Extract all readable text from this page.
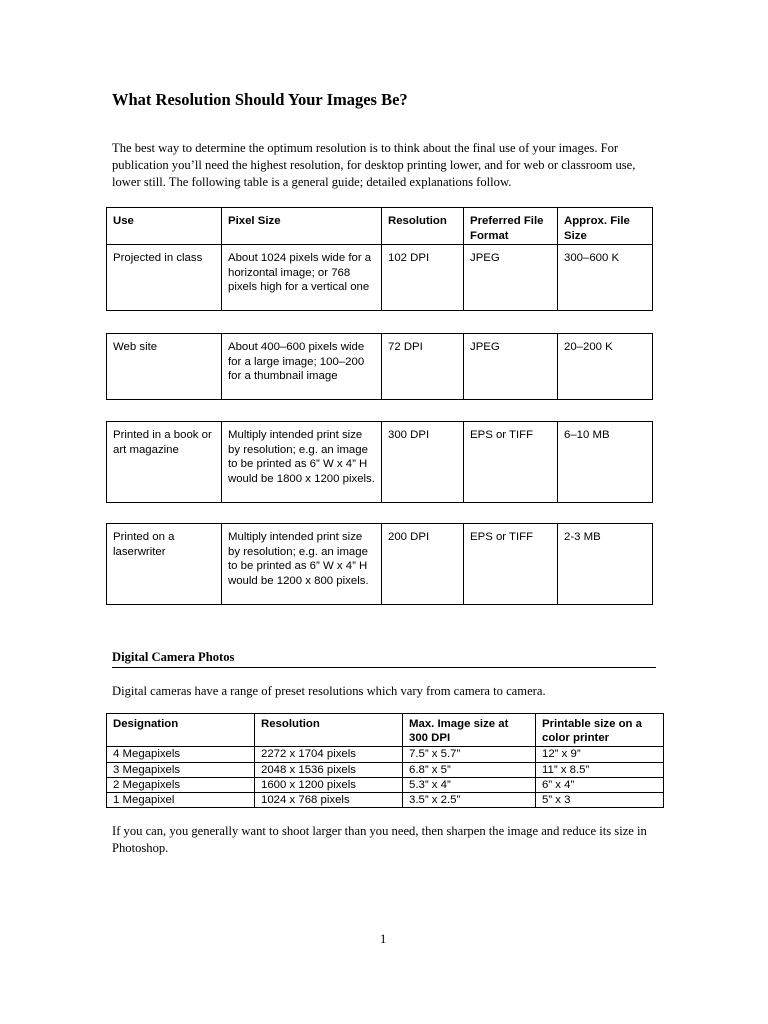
What Resolution Should Your Images Be?
The best way to determine the optimum resolution is to think about the final use of your images. For publication you’ll need the highest resolution, for desktop printing lower, and for web or classroom use, lower still. The following table is a general guide; detailed explanations follow.
Use	Pixel Size	Resolution	Preferred File Format	Approx. File Size
Projected in class	About 1024 pixels wide for a horizontal image; or 768 pixels high for a vertical one	102 DPI	JPEG	300–600 K
Web site	About 400–600 pixels wide for a large image; 100–200 for a thumbnail image	72 DPI	JPEG	20–200 K
Printed in a book or art magazine	Multiply intended print size by resolution; e.g. an image to be printed as 6” W x 4” H would be 1800 x 1200 pixels.	300 DPI	EPS or TIFF	6–10 MB
Printed on a laserwriter	Multiply intended print size by resolution; e.g. an image to be printed as 6” W x 4” H would be 1200 x 800 pixels.	200 DPI	EPS or TIFF	2-3 MB
Digital Camera Photos
Digital cameras have a range of preset resolutions which vary from camera to camera.
Designation	Resolution	Max. Image size at 300 DPI	Printable size on a color printer
4 Megapixels	2272 x 1704 pixels	7.5” x 5.7”	12” x 9”
3 Megapixels	2048 x 1536 pixels	6.8” x 5”	11” x 8.5”
2 Megapixels	1600 x 1200 pixels	5.3” x 4”	6” x 4”
1 Megapixel	1024 x 768 pixels	3.5” x 2.5”	5” x 3
If you can, you generally want to shoot larger than you need, then sharpen the image and reduce its size in Photoshop.
1
